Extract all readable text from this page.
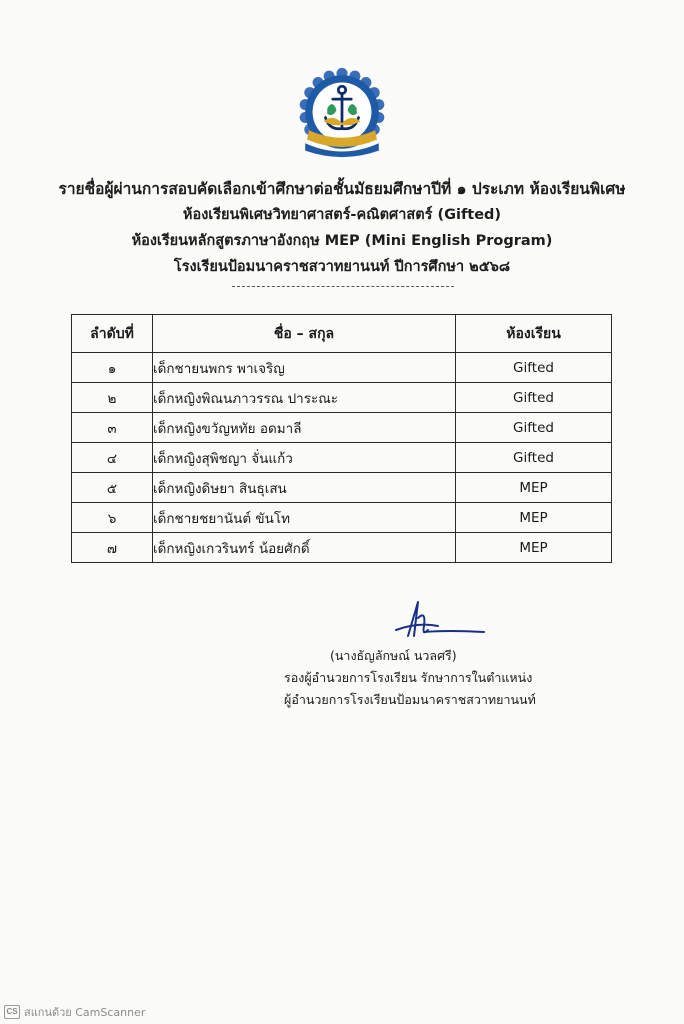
รายชื่อผู้ผ่านการสอบคัดเลือกเข้าศึกษาต่อชั้นมัธยมศึกษาปีที่ ๑ ประเภท ห้องเรียนพิเศษ
ห้องเรียนพิเศษวิทยาศาสตร์-คณิตศาสตร์ (Gifted)
ห้องเรียนหลักสูตรภาษาอังกฤษ MEP (Mini English Program)
โรงเรียนป้อมนาคราชสวาทยานนท์ ปีการศึกษา ๒๕๖๘
ลำดับที่	ชื่อ – สกุล	ห้องเรียน
๑	เด็กชายนพกร พาเจริญ	Gifted
๒	เด็กหญิงพิณนภาวรรณ ปาระณะ	Gifted
๓	เด็กหญิงขวัญหทัย อดมาลี	Gifted
๔	เด็กหญิงสุพิชญา จั่นแก้ว	Gifted
๕	เด็กหญิงดิษยา สินธุเสน	MEP
๖	เด็กชายชยานันต์ ขันโท	MEP
๗	เด็กหญิงเกวรินทร์ น้อยศักดิ์	MEP
(นางธัญลักษณ์ นวลศรี)
รองผู้อำนวยการโรงเรียน รักษาการในตำแหน่ง
ผู้อำนวยการโรงเรียนป้อมนาคราชสวาทยานนท์
CS สแกนด้วย CamScanner
